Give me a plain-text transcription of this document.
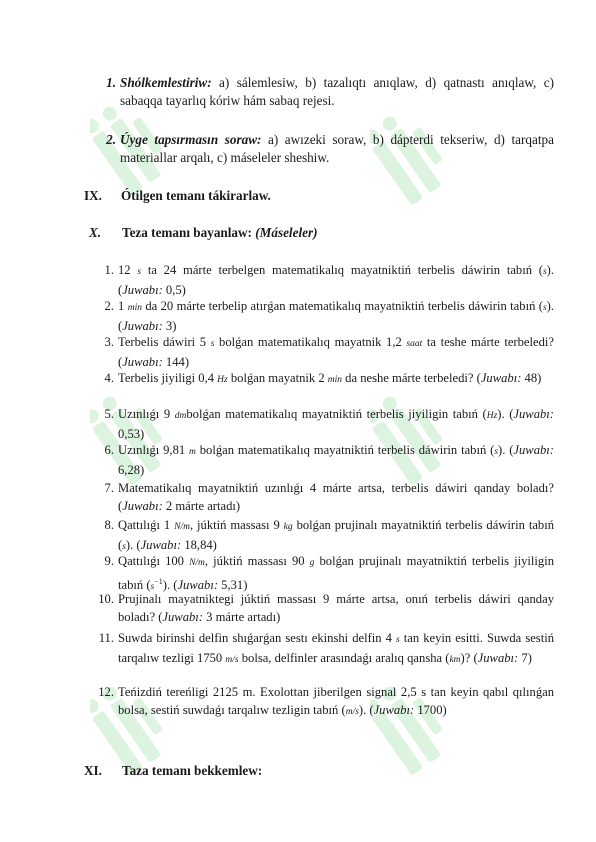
1. Shólkemlestiriw: a) sálemlesiw, b) tazalıqtı anıqlaw, d) qatnastı anıqlaw, c) sabaqqa tayarlıq kóriw hám sabaq rejesi.

2. Úyge tapsırmasın soraw: a) awızeki soraw, b) dápterdi tekseriw, d) tarqatpa materiallar arqalı, c) máseleler sheshiw.

IX. Ótilgen temanı tákirarlaw.
X. Teza temanı bayanlaw: (Máseleler)
1. 12 s ta 24 márte terbelgen matematikalıq mayatniktiń terbelis dáwirin tabıń (s). (Juwabı: 0,5)
2. 1 min da 20 márte terbelip atırǵan matematikalıq mayatniktiń terbelis dáwirin tabıń (s). (Juwabı: 3)
3. Terbelis dáwiri 5 s bolǵan matematikalıq mayatnik 1,2 saat ta teshe márte terbeledi? (Juwabı: 144)
4. Terbelis jiyiligi 0,4 Hz bolǵan mayatnik 2 min da neshe márte terbeledi? (Juwabı: 48)
5. Uzınlıǵı 9 dmbolǵan matematikalıq mayatniktiń terbelis jiyiligin tabıń (Hz). (Juwabı: 0,53)
6. Uzınlıǵı 9,81 m bolǵan matematikalıq mayatniktiń terbelis dáwirin tabıń (s). (Juwabı: 6,28)
7. Matematikalıq mayatniktiń uzınlıǵı 4 márte artsa, terbelis dáwiri qanday boladı? (Juwabı: 2 márte artadı)
8. Qattılıǵı 1 N/m, júktiń massası 9 kg bolǵan prujinalı mayatniktiń terbelis dáwirin tabıń (s). (Juwabı: 18,84)
9. Qattılıǵı 100 N/m, júktiń massası 90 g bolǵan prujinalı mayatniktiń terbelis jiyiligin tabıń $(s^{-1})$. (Juwabı: 5,31)
10. Prujinalı mayatniktegi júktiń massası 9 márte artsa, onıń terbelis dáwiri qanday boladı? (Juwabı: 3 márte artadı)
11. Suwda birinshi delfin shıǵarǵan sestı ekinshi delfin 4 s tan keyin esitti. Suwda sestiń tarqalıw tezligi 1750 m/s bolsa, delfinler arasındaǵı aralıq qansha (km)? (Juwabı: 7)
12. Teńizdiń tereńligi 2125 m. Exolottan jiberilgen signal 2,5 s tan keyin qabıl qılınǵan bolsa, sestiń suwdaǵı tarqalıw tezligin tabıń (m/s). (Juwabı: 1700)
XI. Taza temanı bekkemlew:
